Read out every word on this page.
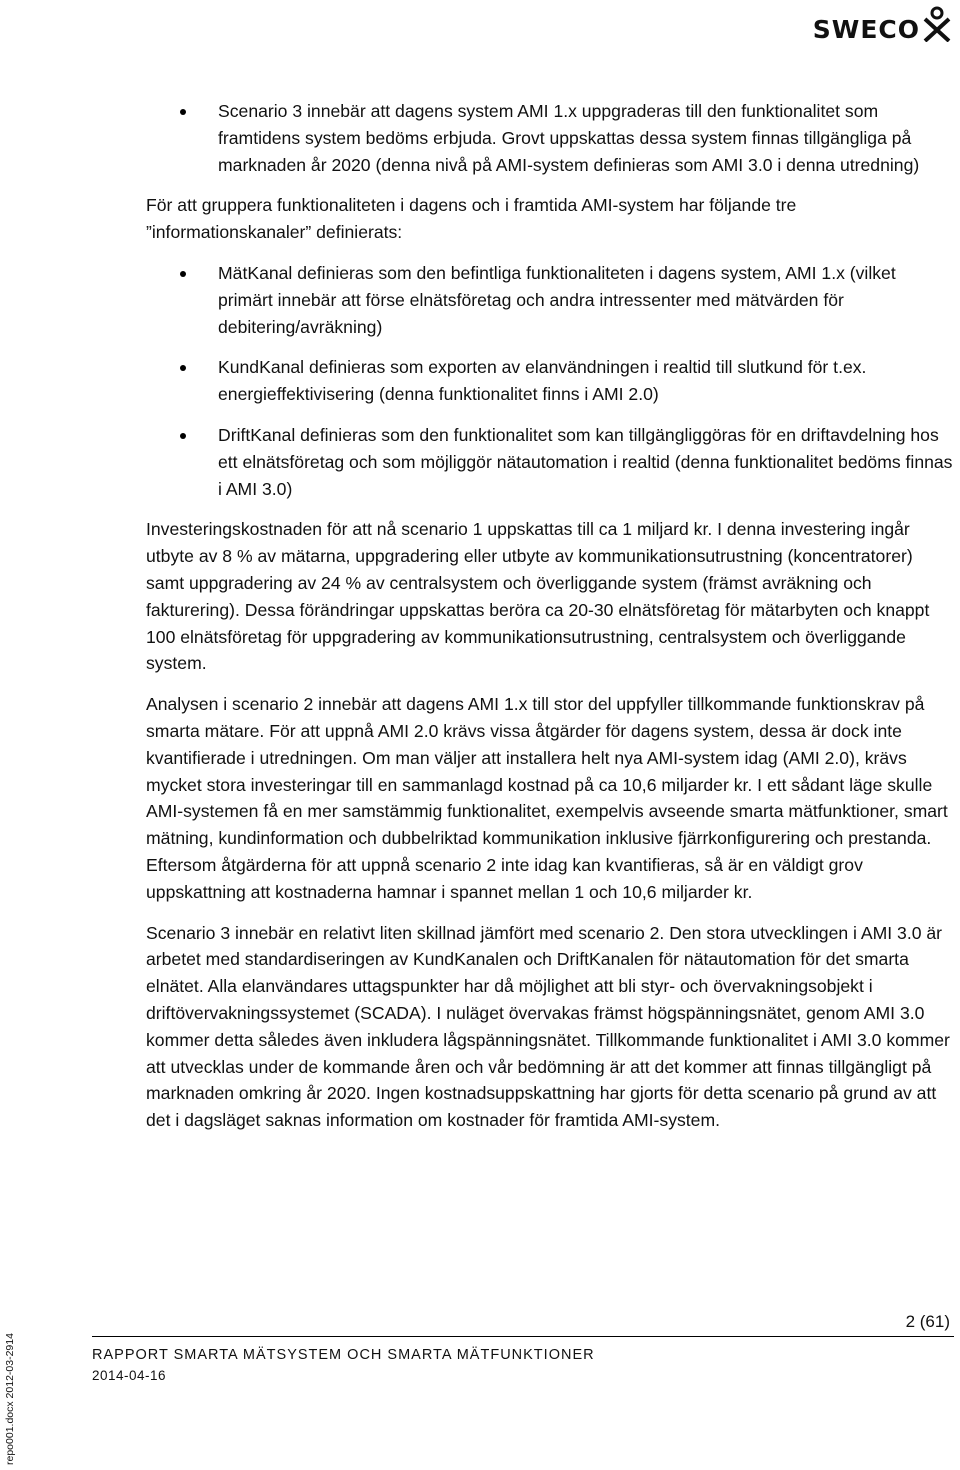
SWECO
Scenario 3 innebär att dagens system AMI 1.x uppgraderas till den funktionalitet som framtidens system bedöms erbjuda. Grovt uppskattas dessa system finnas tillgängliga på marknaden år 2020 (denna nivå på AMI-system definieras som AMI 3.0 i denna utredning)

För att gruppera funktionaliteten i dagens och i framtida AMI-system har följande tre ”informationskanaler” definierats:

MätKanal definieras som den befintliga funktionaliteten i dagens system, AMI 1.x (vilket primärt innebär att förse elnätsföretag och andra intressenter med mätvärden för debitering/avräkning)
KundKanal definieras som exporten av elanvändningen i realtid till slutkund för t.ex. energieffektivisering (denna funktionalitet finns i AMI 2.0)
DriftKanal definieras som den funktionalitet som kan tillgängliggöras för en driftavdelning hos ett elnätsföretag och som möjliggör nätautomation i realtid (denna funktionalitet bedöms finnas i AMI 3.0)

Investeringskostnaden för att nå scenario 1 uppskattas till ca 1 miljard kr. I denna investering ingår utbyte av 8 % av mätarna, uppgradering eller utbyte av kommunikationsutrustning (koncentratorer) samt uppgradering av 24 % av centralsystem och överliggande system (främst avräkning och fakturering). Dessa förändringar uppskattas beröra ca 20-30 elnätsföretag för mätarbyten och knappt 100 elnätsföretag för uppgradering av kommunikationsutrustning, centralsystem och överliggande system.

Analysen i scenario 2 innebär att dagens AMI 1.x till stor del uppfyller tillkommande funktionskrav på smarta mätare. För att uppnå AMI 2.0 krävs vissa åtgärder för dagens system, dessa är dock inte kvantifierade i utredningen. Om man väljer att installera helt nya AMI-system idag (AMI 2.0), krävs mycket stora investeringar till en sammanlagd kostnad på ca 10,6 miljarder kr. I ett sådant läge skulle AMI-systemen få en mer samstämmig funktionalitet, exempelvis avseende smarta mätfunktioner, smart mätning, kundinformation och dubbelriktad kommunikation inklusive fjärrkonfigurering och prestanda. Eftersom åtgärderna för att uppnå scenario 2 inte idag kan kvantifieras, så är en väldigt grov uppskattning att kostnaderna hamnar i spannet mellan 1 och 10,6 miljarder kr.

Scenario 3 innebär en relativt liten skillnad jämfört med scenario 2. Den stora utvecklingen i AMI 3.0 är arbetet med standardiseringen av KundKanalen och DriftKanalen för nätautomation för det smarta elnätet. Alla elanvändares uttagspunkter har då möjlighet att bli styr- och övervakningsobjekt i driftövervakningssystemet (SCADA). I nuläget övervakas främst högspänningsnätet, genom AMI 3.0 kommer detta således även inkludera lågspänningsnätet. Tillkommande funktionalitet i AMI 3.0 kommer att utvecklas under de kommande åren och vår bedömning är att det kommer att finnas tillgängligt på marknaden omkring år 2020. Ingen kostnadsuppskattning har gjorts för detta scenario på grund av att det i dagsläget saknas information om kostnader för framtida AMI-system.

2 (61)
RAPPORT SMARTA MÄTSYSTEM OCH SMARTA MÄTFUNKTIONER
2014-04-16
repo001.docx 2012-03-2914
